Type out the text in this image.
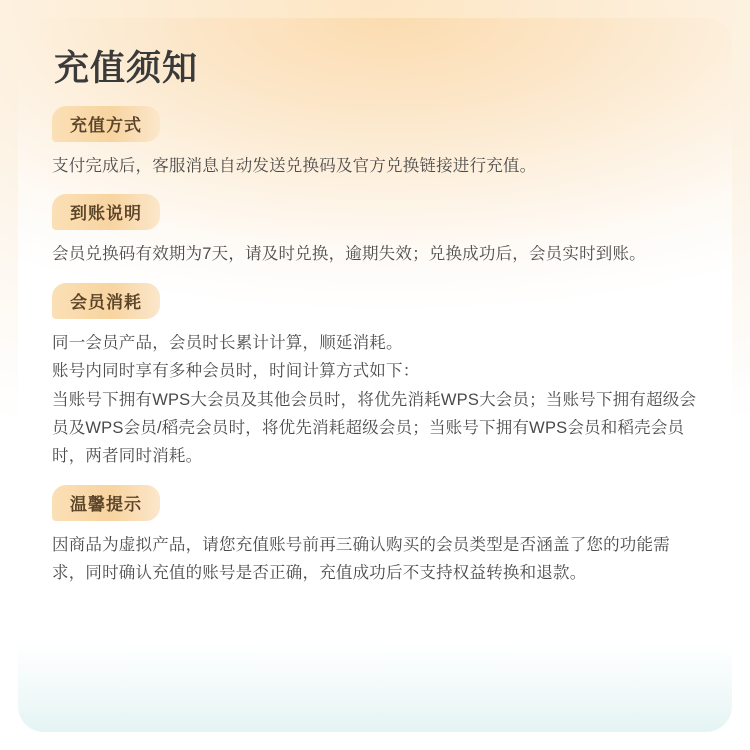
充值须知
充值方式

支付完成后，客服消息自动发送兑换码及官方兑换链接进行充值。

到账说明

会员兑换码有效期为7天，请及时兑换，逾期失效；兑换成功后，会员实时到账。

会员消耗

同一会员产品，会员时长累计计算，顺延消耗。

账号内同时享有多种会员时，时间计算方式如下：

当账号下拥有WPS大会员及其他会员时，将优先消耗WPS大会员；当账号下拥有超级会员及WPS会员/稻壳会员时，将优先消耗超级会员；当账号下拥有WPS会员和稻壳会员时，两者同时消耗。

温馨提示

因商品为虚拟产品，请您充值账号前再三确认购买的会员类型是否涵盖了您的功能需求，同时确认充值的账号是否正确，充值成功后不支持权益转换和退款。
